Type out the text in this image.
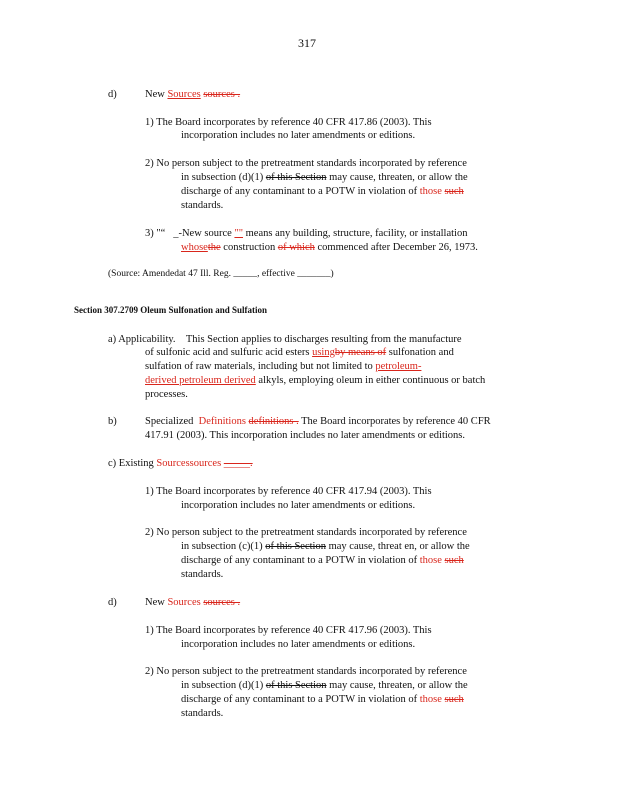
317
d)	New Sources sources .
1) The Board incorporates by reference 40 CFR 417.86 (2003). This
incorporation includes no later amendments or editions.
2) No person subject to the pretreatment standards incorporated by reference
in subsection (d)(1) of this Section may cause, threaten, or allow the
discharge of any contaminant to a POTW in violation of those such
standards.
3) "“ _-New source "" means any building, structure, facility, or installation
whosethe construction of which commenced after December 26, 1973.
(Source: Amendedat 47 Ill. Reg. _____, effective _______)
Section 307.2709 Oleum Sulfonation and Sulfation
a) Applicability. This Section applies to discharges resulting from the manufacture
of sulfonic acid and sulfuric acid esters usingby means of sulfonation and
sulfation of raw materials, including but not limited to petroleum-
derived petroleum derived alkyls, employing oleum in either continuous or batch
processes.
b)	Specialized Definitions definitions . The Board incorporates by reference 40 CFR
417.91 (2003). This incorporation includes no later amendments or editions.
c) Existing Sourcessources _____.
1) The Board incorporates by reference 40 CFR 417.94 (2003). This
incorporation includes no later amendments or editions.
2) No person subject to the pretreatment standards incorporated by reference
in subsection (c)(1) of this Section may cause, threat en, or allow the
discharge of any contaminant to a POTW in violation of those such
standards.
d)	New Sources sources .
1) The Board incorporates by reference 40 CFR 417.96 (2003). This
incorporation includes no later amendments or editions.
2) No person subject to the pretreatment standards incorporated by reference
in subsection (d)(1) of this Section may cause, threaten, or allow the
discharge of any contaminant to a POTW in violation of those such
standards.
